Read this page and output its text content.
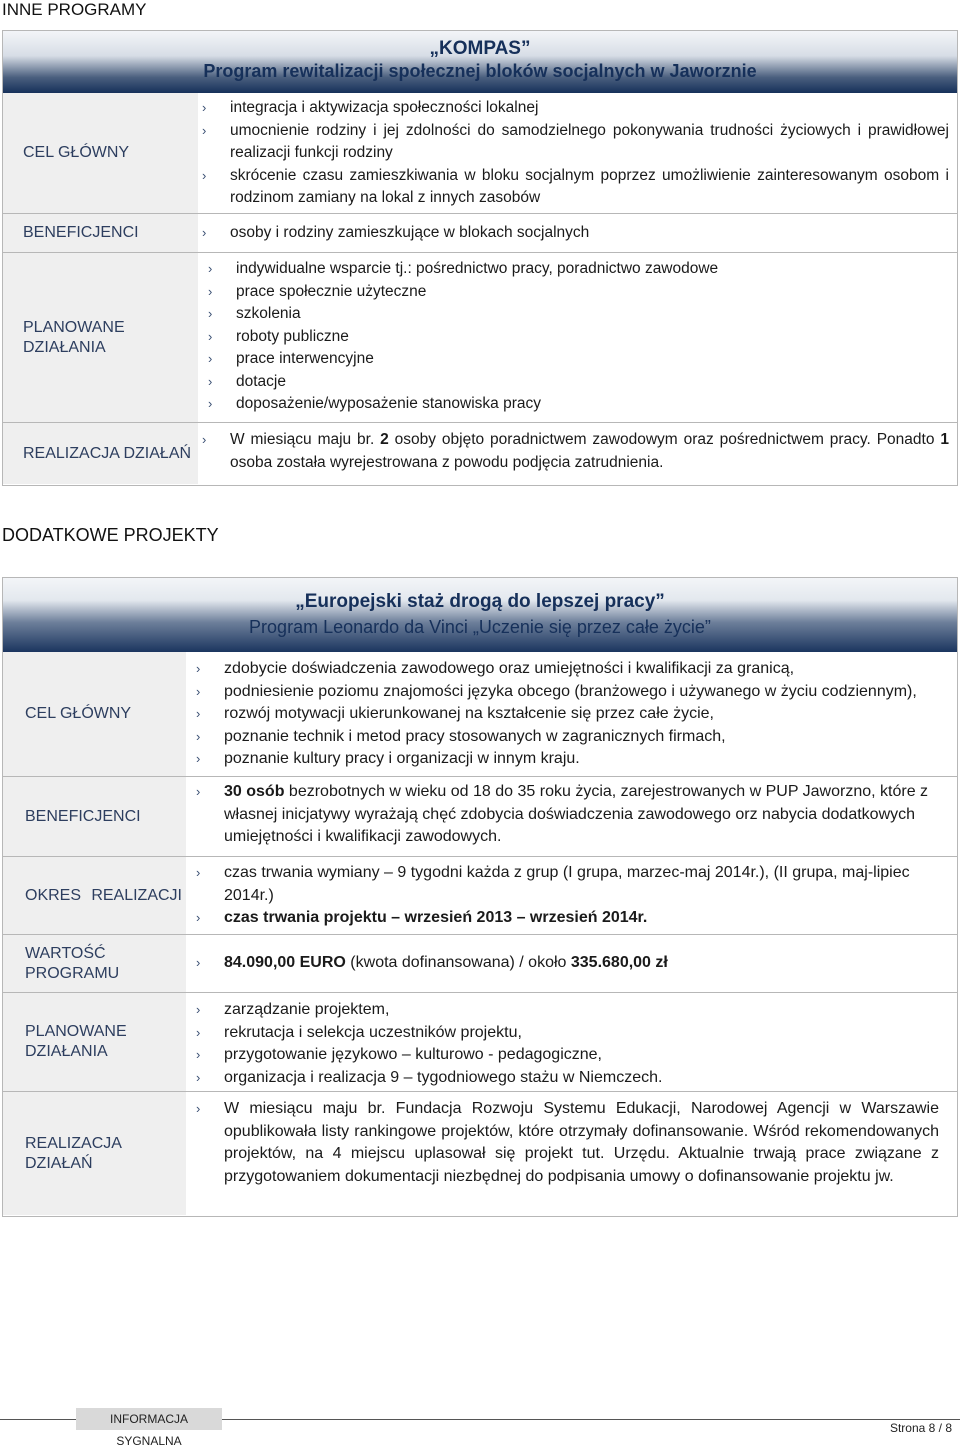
INNE PROGRAMY
„KOMPAS”
Program rewitalizacji społecznej bloków socjalnych w Jaworznie
CEL GŁÓWNY
› integracja i aktywizacja społeczności lokalnej
› umocnienie rodziny i jej zdolności do samodzielnego pokonywania trudności życiowych i prawidłowej realizacji funkcji rodziny
› skrócenie czasu zamieszkiwania w bloku socjalnym poprzez umożliwienie zainteresowanym osobom i rodzinom zamiany na lokal z innych zasobów
BENEFICJENCI	› osoby i rodziny zamieszkujące w blokach socjalnych
PLANOWANE
DZIAŁANIA
› indywidualne wsparcie tj.: pośrednictwo pracy, poradnictwo zawodowe
› prace społecznie użyteczne
› szkolenia
› roboty publiczne
› prace interwencyjne
› dotacje
› doposażenie/wyposażenie stanowiska pracy
REALIZACJA DZIAŁAŃ
› W miesiącu maju br. 2 osoby objęto poradnictwem zawodowym oraz pośrednictwem pracy. Ponadto 1 osoba została wyrejestrowana z powodu podjęcia zatrudnienia.
DODATKOWE PROJEKTY
„Europejski staż drogą do lepszej pracy”
Program Leonardo da Vinci „Uczenie się przez całe życie”
CEL GŁÓWNY
› zdobycie doświadczenia zawodowego oraz umiejętności i kwalifikacji za granicą,
› podniesienie poziomu znajomości języka obcego (branżowego i używanego w życiu codziennym),
› rozwój motywacji ukierunkowanej na kształcenie się przez całe życie,
› poznanie technik i metod pracy stosowanych w zagranicznych firmach,
› poznanie kultury pracy i organizacji w innym kraju.
BENEFICJENCI
› 30 osób bezrobotnych w wieku od 18 do 35 roku życia, zarejestrowanych w PUP Jaworzno, które z własnej inicjatywy wyrażają chęć zdobycia doświadczenia zawodowego orz nabycia dodatkowych umiejętności i kwalifikacji zawodowych.
OKRES REALIZACJI
› czas trwania wymiany – 9 tygodni każda z grup (I grupa, marzec-maj 2014r.), (II grupa, maj-lipiec 2014r.)
› czas trwania projektu – wrzesień 2013 – wrzesień 2014r.
WARTOŚĆ
PROGRAMU
› 84.090,00 EURO (kwota dofinansowana) / około 335.680,00 zł
PLANOWANE
DZIAŁANIA
› zarządzanie projektem,
› rekrutacja i selekcja uczestników projektu,
› przygotowanie językowo – kulturowo - pedagogiczne,
› organizacja i realizacja 9 – tygodniowego stażu w Niemczech.
REALIZACJA
DZIAŁAŃ
› W miesiącu maju br. Fundacja Rozwoju Systemu Edukacji, Narodowej Agencji w Warszawie opublikowała listy rankingowe projektów, które otrzymały dofinansowanie. Wśród rekomendowanych projektów, na 4 miejscu uplasował się projekt tut. Urzędu. Aktualnie trwają prace związane z przygotowaniem dokumentacji niezbędnej do podpisania umowy o dofinansowanie projektu jw.
INFORMACJA SYGNALNA
Strona 8 / 8
